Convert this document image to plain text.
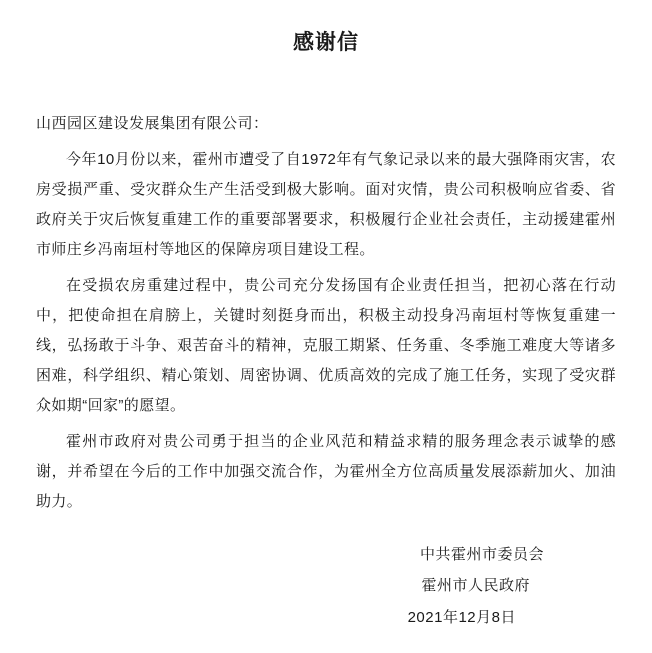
感谢信
山西园区建设发展集团有限公司：

今年10月份以来，霍州市遭受了自1972年有气象记录以来的最大强降雨灾害，农房受损严重、受灾群众生产生活受到极大影响。面对灾情，贵公司积极响应省委、省政府关于灾后恢复重建工作的重要部署要求，积极履行企业社会责任，主动援建霍州市师庄乡冯南垣村等地区的保障房项目建设工程。

在受损农房重建过程中，贵公司充分发扬国有企业责任担当，把初心落在行动中，把使命担在肩膀上，关键时刻挺身而出，积极主动投身冯南垣村等恢复重建一线，弘扬敢于斗争、艰苦奋斗的精神，克服工期紧、任务重、冬季施工难度大等诸多困难，科学组织、精心策划、周密协调、优质高效的完成了施工任务，实现了受灾群众如期“回家”的愿望。

霍州市政府对贵公司勇于担当的企业风范和精益求精的服务理念表示诚挚的感谢，并希望在今后的工作中加强交流合作，为霍州全方位高质量发展添薪加火、加油助力。

中共霍州市委员会
霍州市人民政府
2021年12月8日
